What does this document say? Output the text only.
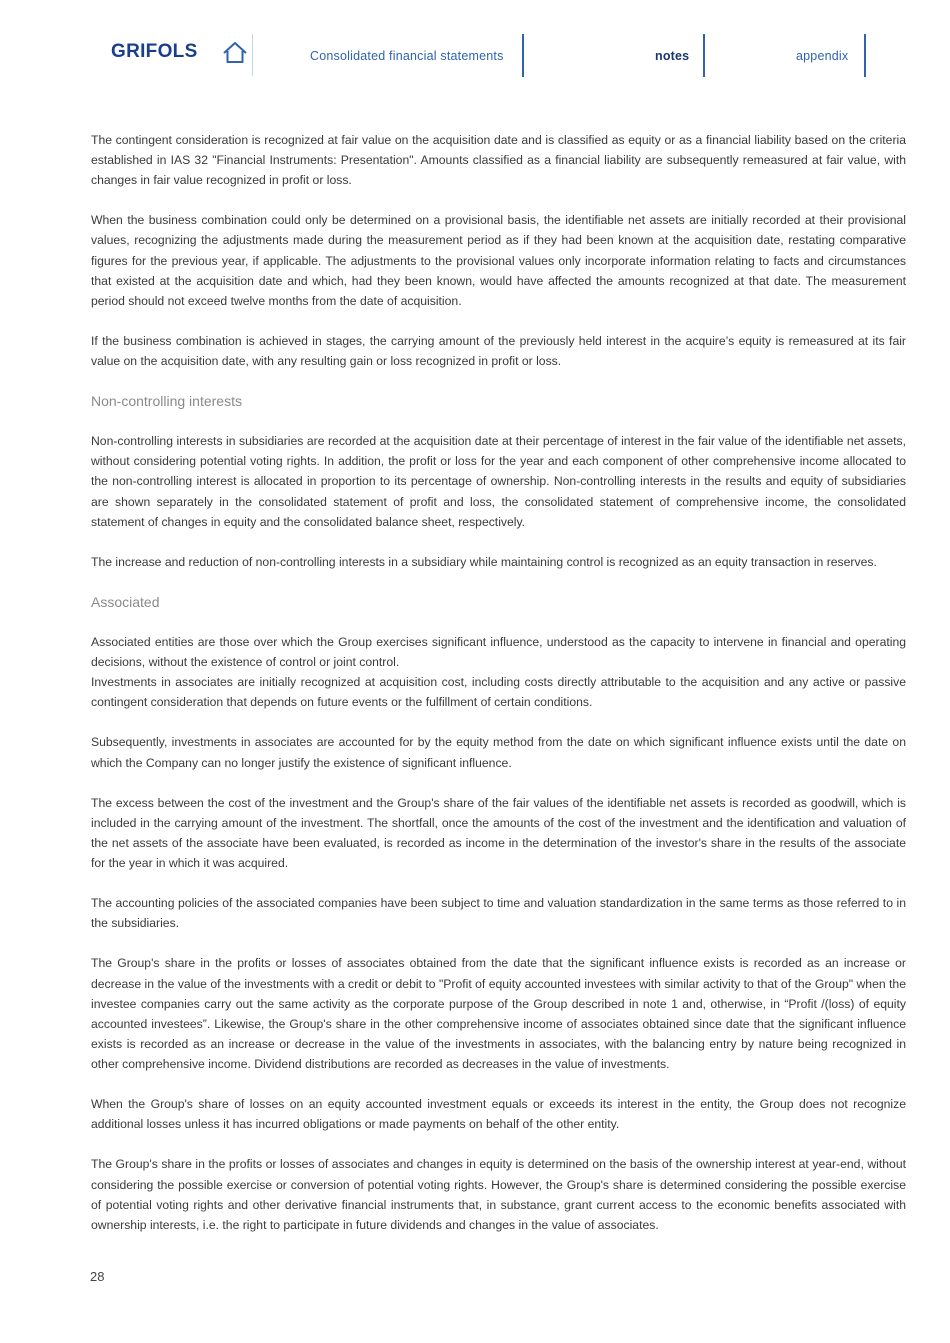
GRIFOLS	Consolidated financial statements	notes	appendix

The contingent consideration is recognized at fair value on the acquisition date and is classified as equity or as a financial liability based on the criteria established in IAS 32 "Financial Instruments: Presentation". Amounts classified as a financial liability are subsequently remeasured at fair value, with changes in fair value recognized in profit or loss.

When the business combination could only be determined on a provisional basis, the identifiable net assets are initially recorded at their provisional values, recognizing the adjustments made during the measurement period as if they had been known at the acquisition date, restating comparative figures for the previous year, if applicable. The adjustments to the provisional values only incorporate information relating to facts and circumstances that existed at the acquisition date and which, had they been known, would have affected the amounts recognized at that date. The measurement period should not exceed twelve months from the date of acquisition.

If the business combination is achieved in stages, the carrying amount of the previously held interest in the acquire’s equity is remeasured at its fair value on the acquisition date, with any resulting gain or loss recognized in profit or loss.

Non-controlling interests

Non-controlling interests in subsidiaries are recorded at the acquisition date at their percentage of interest in the fair value of the identifiable net assets, without considering potential voting rights. In addition, the profit or loss for the year and each component of other comprehensive income allocated to the non-controlling interest is allocated in proportion to its percentage of ownership. Non-controlling interests in the results and equity of subsidiaries are shown separately in the consolidated statement of profit and loss, the consolidated statement of comprehensive income, the consolidated statement of changes in equity and the consolidated balance sheet, respectively.

The increase and reduction of non-controlling interests in a subsidiary while maintaining control is recognized as an equity transaction in reserves.

Associated

Associated entities are those over which the Group exercises significant influence, understood as the capacity to intervene in financial and operating decisions, without the existence of control or joint control.

Investments in associates are initially recognized at acquisition cost, including costs directly attributable to the acquisition and any active or passive contingent consideration that depends on future events or the fulfillment of certain conditions.

Subsequently, investments in associates are accounted for by the equity method from the date on which significant influence exists until the date on which the Company can no longer justify the existence of significant influence.

The excess between the cost of the investment and the Group's share of the fair values of the identifiable net assets is recorded as goodwill, which is included in the carrying amount of the investment. The shortfall, once the amounts of the cost of the investment and the identification and valuation of the net assets of the associate have been evaluated, is recorded as income in the determination of the investor's share in the results of the associate for the year in which it was acquired.

The accounting policies of the associated companies have been subject to time and valuation standardization in the same terms as those referred to in the subsidiaries.

The Group's share in the profits or losses of associates obtained from the date that the significant influence exists is recorded as an increase or decrease in the value of the investments with a credit or debit to "Profit of equity accounted investees with similar activity to that of the Group" when the investee companies carry out the same activity as the corporate purpose of the Group described in note 1 and, otherwise, in “Profit /(loss) of equity accounted investees”. Likewise, the Group's share in the other comprehensive income of associates obtained since date that the significant influence exists is recorded as an increase or decrease in the value of the investments in associates, with the balancing entry by nature being recognized in other comprehensive income. Dividend distributions are recorded as decreases in the value of investments.

When the Group's share of losses on an equity accounted investment equals or exceeds its interest in the entity, the Group does not recognize additional losses unless it has incurred obligations or made payments on behalf of the other entity.

The Group's share in the profits or losses of associates and changes in equity is determined on the basis of the ownership interest at year-end, without considering the possible exercise or conversion of potential voting rights. However, the Group's share is determined considering the possible exercise of potential voting rights and other derivative financial instruments that, in substance, grant current access to the economic benefits associated with ownership interests, i.e. the right to participate in future dividends and changes in the value of associates.

28
